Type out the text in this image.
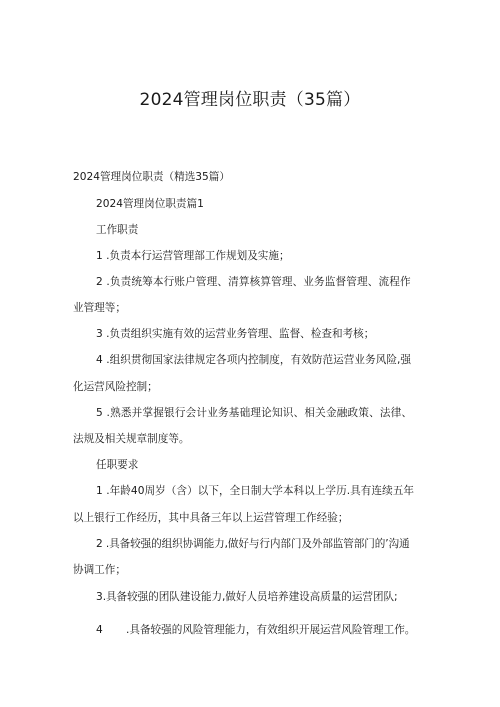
2024管理岗位职责（35篇）
2024管理岗位职责（精选35篇）
2024管理岗位职责篇1
工作职责
1 .负责本行运营管理部工作规划及实施；
2 .负责统筹本行账户管理、清算核算管理、业务监督管理、流程作
业管理等；
3 .负责组织实施有效的运营业务管理、监督、检查和考核；
4 .组织贯彻国家法律规定各项内控制度，有效防范运营业务风险,强
化运营风险控制；
5 .熟悉并掌握银行会计业务基础理论知识、相关金融政策、法律、
法规及相关规章制度等。
任职要求
1 .年龄40周岁（含）以下，全日制大学本科以上学历.具有连续五年
以上银行工作经历，其中具备三年以上运营管理工作经验；
2 .具备较强的组织协调能力,做好与行内部门及外部监管部门的’沟通
协调工作；
3.具备较强的团队建设能力,做好人员培养建设高质量的运营团队;
4 .具备较强的风险管理能力，有效组织开展运营风险管理工作。
